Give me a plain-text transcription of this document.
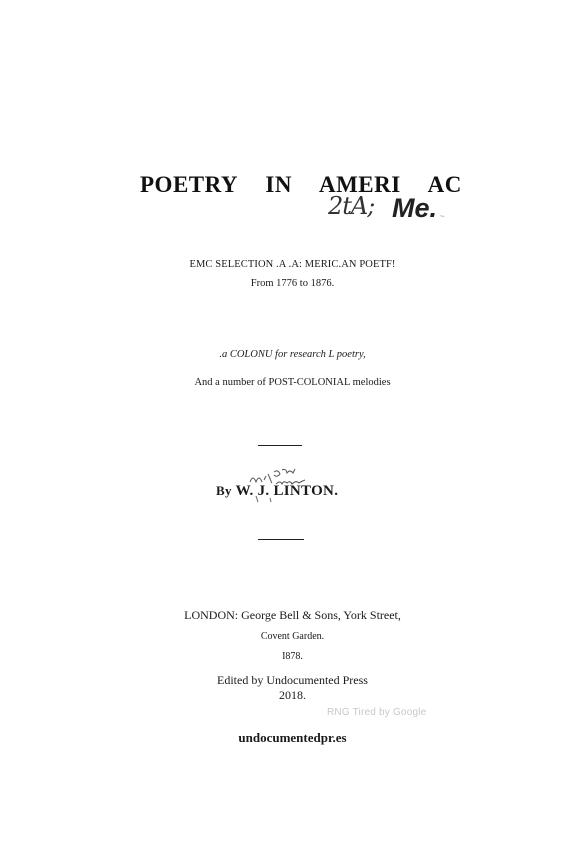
POETRY IN AMERI AC
2tA; Me. ~
EMC SELECTION .A .A: MERIC.AN POETF!
From 1776 to 1876.
.a COLONU for research L poetry,
And a number of POST-COLONIAL melodies
By W. J. LINTON.
LONDON: George Bell & Sons, York Street,
Covent Garden.
I878.
Edited by Undocumented Press
2018.
RNG Tired by Google
undocumentedpr.es
